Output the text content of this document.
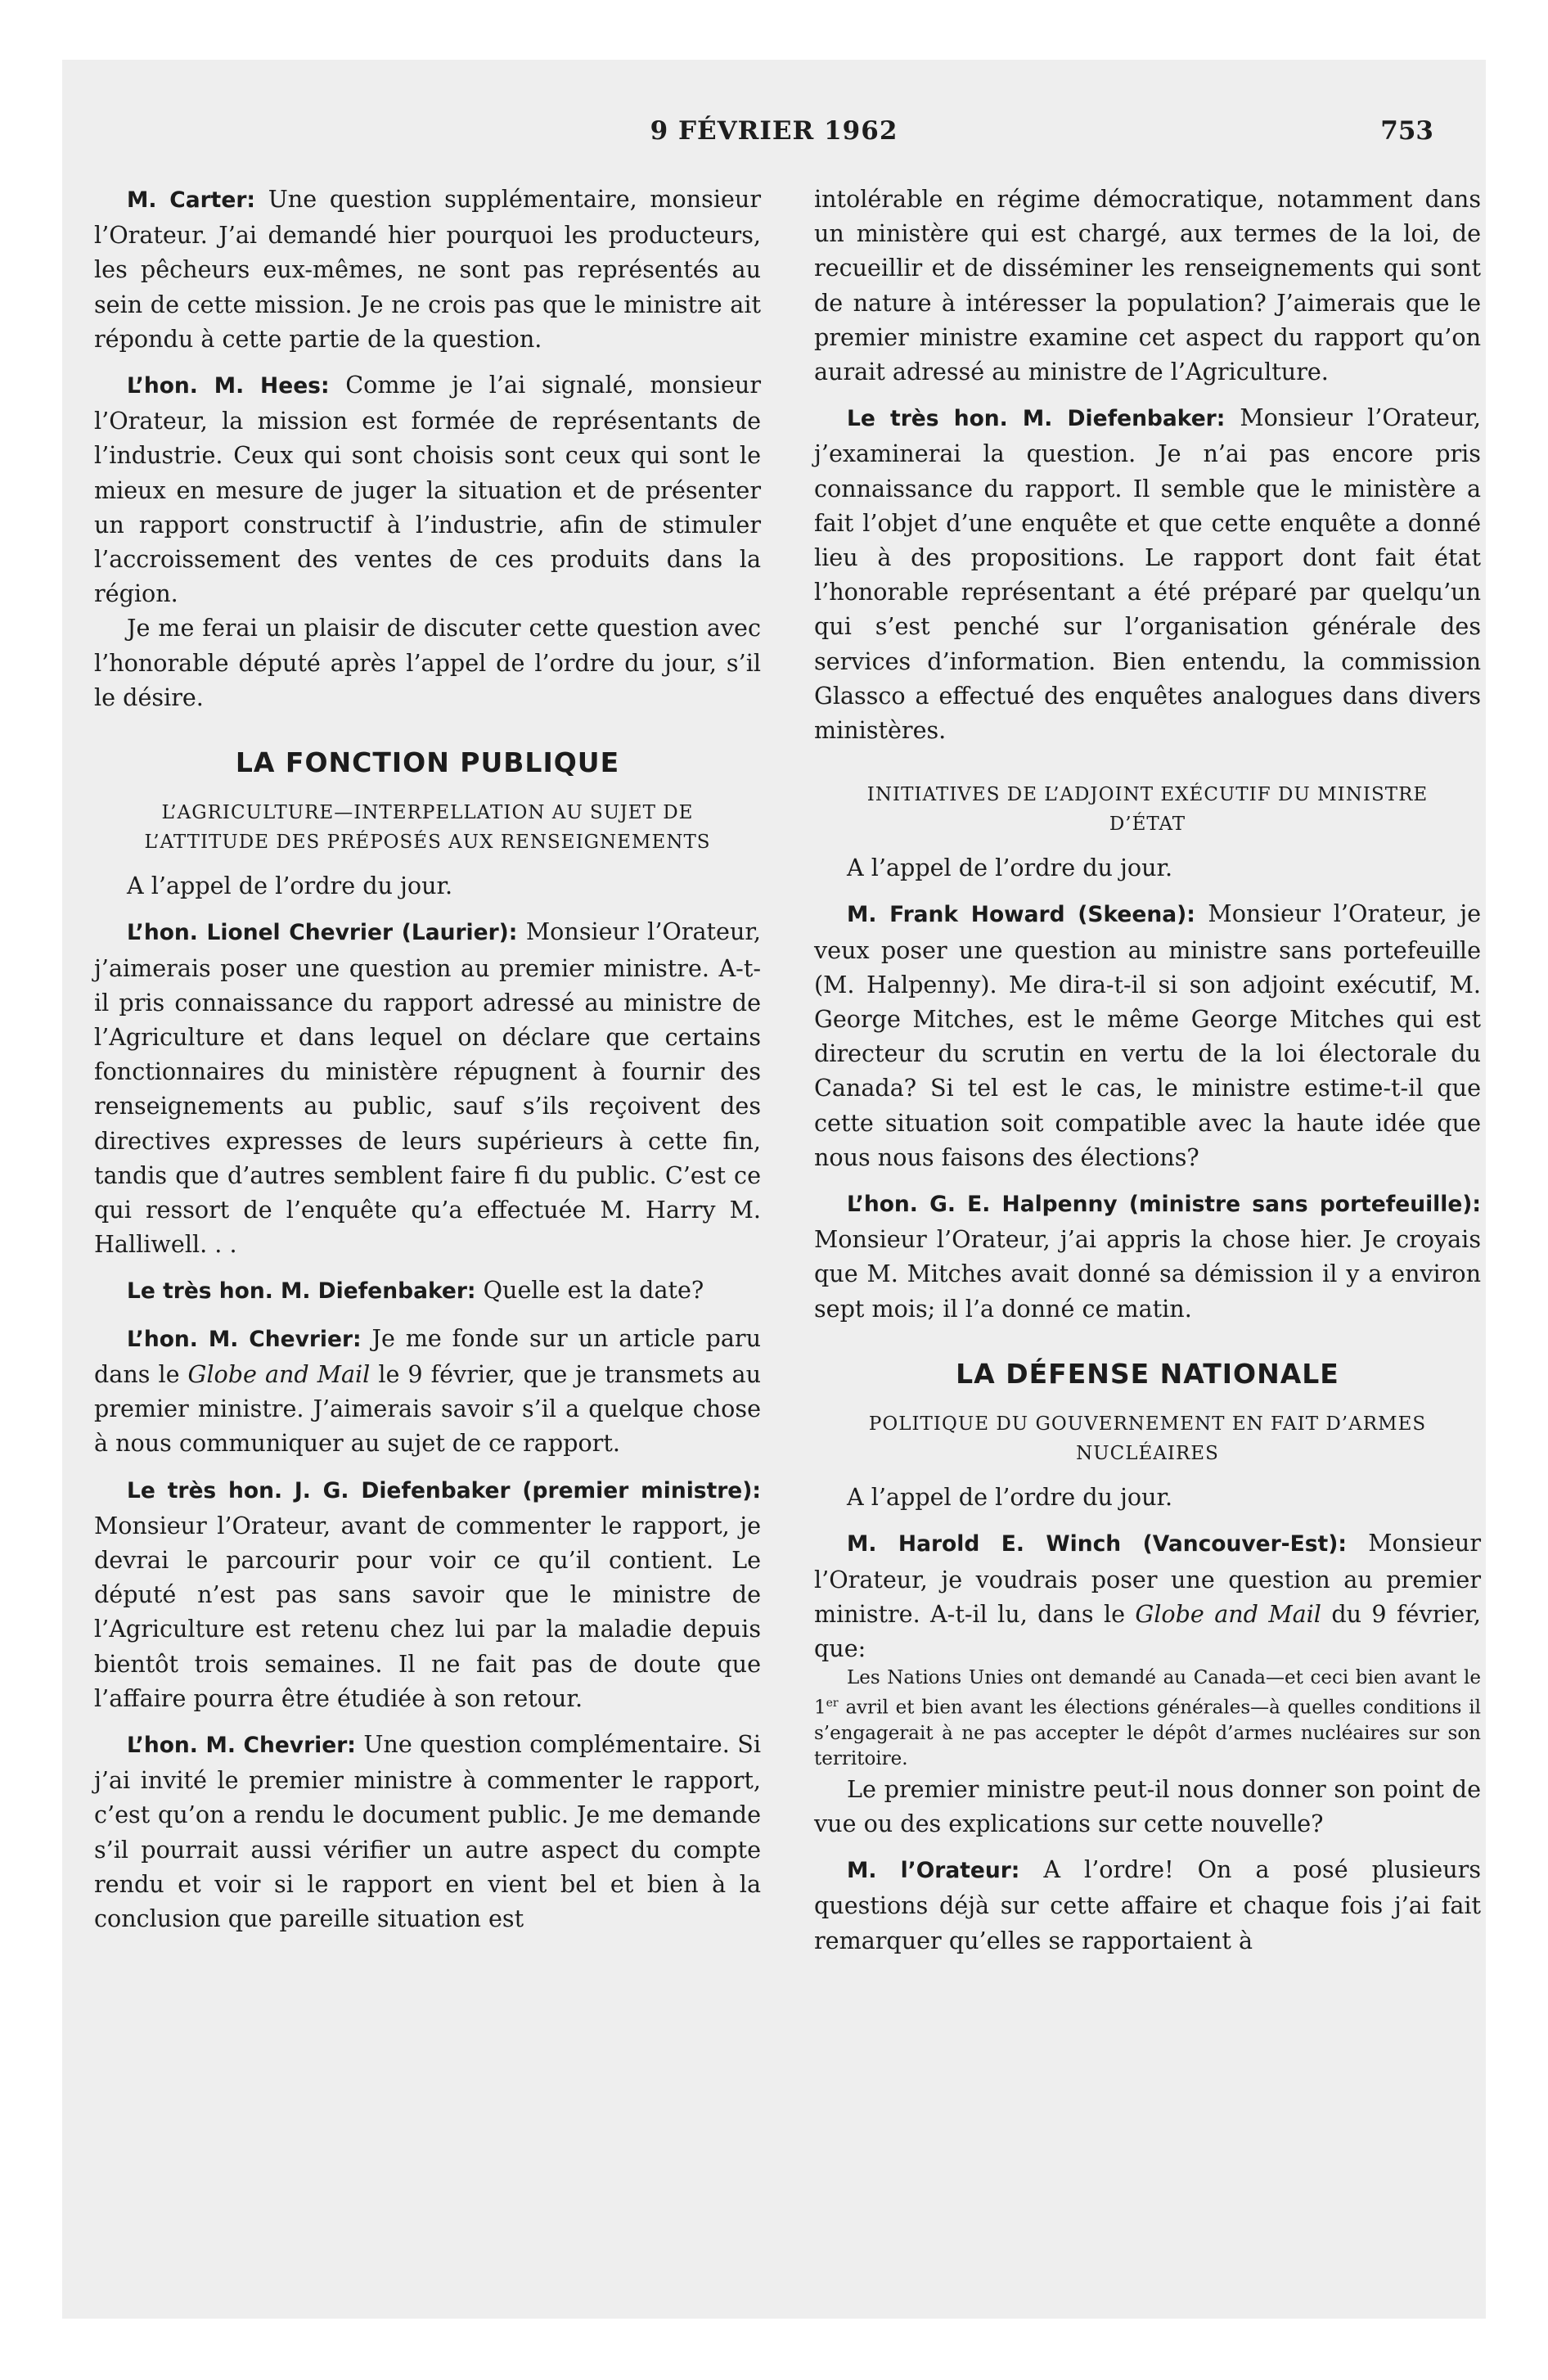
9 FÉVRIER 1962	753

M. Carter: Une question supplémentaire, monsieur l’Orateur. J’ai demandé hier pourquoi les producteurs, les pêcheurs eux-mêmes, ne sont pas représentés au sein de cette mission. Je ne crois pas que le ministre ait répondu à cette partie de la question.

L’hon. M. Hees: Comme je l’ai signalé, monsieur l’Orateur, la mission est formée de représentants de l’industrie. Ceux qui sont choisis sont ceux qui sont le mieux en mesure de juger la situation et de présenter un rapport constructif à l’industrie, afin de stimuler l’accroissement des ventes de ces produits dans la région.

Je me ferai un plaisir de discuter cette question avec l’honorable député après l’appel de l’ordre du jour, s’il le désire.

LA FONCTION PUBLIQUE
L’AGRICULTURE—INTERPELLATION AU SUJET DE L’ATTITUDE DES PRÉPOSÉS AUX RENSEIGNEMENTS

A l’appel de l’ordre du jour.

L’hon. Lionel Chevrier (Laurier): Monsieur l’Orateur, j’aimerais poser une question au premier ministre. A-t-il pris connaissance du rapport adressé au ministre de l’Agriculture et dans lequel on déclare que certains fonctionnaires du ministère répugnent à fournir des renseignements au public, sauf s’ils reçoivent des directives expresses de leurs supérieurs à cette fin, tandis que d’autres semblent faire fi du public. C’est ce qui ressort de l’enquête qu’a effectuée M. Harry M. Halliwell. . .

Le très hon. M. Diefenbaker: Quelle est la date?

L’hon. M. Chevrier: Je me fonde sur un article paru dans le Globe and Mail le 9 février, que je transmets au premier ministre. J’aimerais savoir s’il a quelque chose à nous communiquer au sujet de ce rapport.

Le très hon. J. G. Diefenbaker (premier ministre): Monsieur l’Orateur, avant de commenter le rapport, je devrai le parcourir pour voir ce qu’il contient. Le député n’est pas sans savoir que le ministre de l’Agriculture est retenu chez lui par la maladie depuis bientôt trois semaines. Il ne fait pas de doute que l’affaire pourra être étudiée à son retour.

L’hon. M. Chevrier: Une question complémentaire. Si j’ai invité le premier ministre à commenter le rapport, c’est qu’on a rendu le document public. Je me demande s’il pourrait aussi vérifier un autre aspect du compte rendu et voir si le rapport en vient bel et bien à la conclusion que pareille situation est

intolérable en régime démocratique, notamment dans un ministère qui est chargé, aux termes de la loi, de recueillir et de disséminer les renseignements qui sont de nature à intéresser la population? J’aimerais que le premier ministre examine cet aspect du rapport qu’on aurait adressé au ministre de l’Agriculture.

Le très hon. M. Diefenbaker: Monsieur l’Orateur, j’examinerai la question. Je n’ai pas encore pris connaissance du rapport. Il semble que le ministère a fait l’objet d’une enquête et que cette enquête a donné lieu à des propositions. Le rapport dont fait état l’honorable représentant a été préparé par quelqu’un qui s’est penché sur l’organisation générale des services d’information. Bien entendu, la commission Glassco a effectué des enquêtes analogues dans divers ministères.

INITIATIVES DE L’ADJOINT EXÉCUTIF DU MINISTRE D’ÉTAT

A l’appel de l’ordre du jour.

M. Frank Howard (Skeena): Monsieur l’Orateur, je veux poser une question au ministre sans portefeuille (M. Halpenny). Me dira-t-il si son adjoint exécutif, M. George Mitches, est le même George Mitches qui est directeur du scrutin en vertu de la loi électorale du Canada? Si tel est le cas, le ministre estime-t-il que cette situation soit compatible avec la haute idée que nous nous faisons des élections?

L’hon. G. E. Halpenny (ministre sans portefeuille): Monsieur l’Orateur, j’ai appris la chose hier. Je croyais que M. Mitches avait donné sa démission il y a environ sept mois; il l’a donné ce matin.

LA DÉFENSE NATIONALE
POLITIQUE DU GOUVERNEMENT EN FAIT D’ARMES NUCLÉAIRES

A l’appel de l’ordre du jour.

M. Harold E. Winch (Vancouver-Est): Monsieur l’Orateur, je voudrais poser une question au premier ministre. A-t-il lu, dans le Globe and Mail du 9 février, que:

Les Nations Unies ont demandé au Canada—et ceci bien avant le 1er avril et bien avant les élections générales—à quelles conditions il s’engagerait à ne pas accepter le dépôt d’armes nucléaires sur son territoire.

Le premier ministre peut-il nous donner son point de vue ou des explications sur cette nouvelle?

M. l’Orateur: A l’ordre! On a posé plusieurs questions déjà sur cette affaire et chaque fois j’ai fait remarquer qu’elles se rapportaient à
